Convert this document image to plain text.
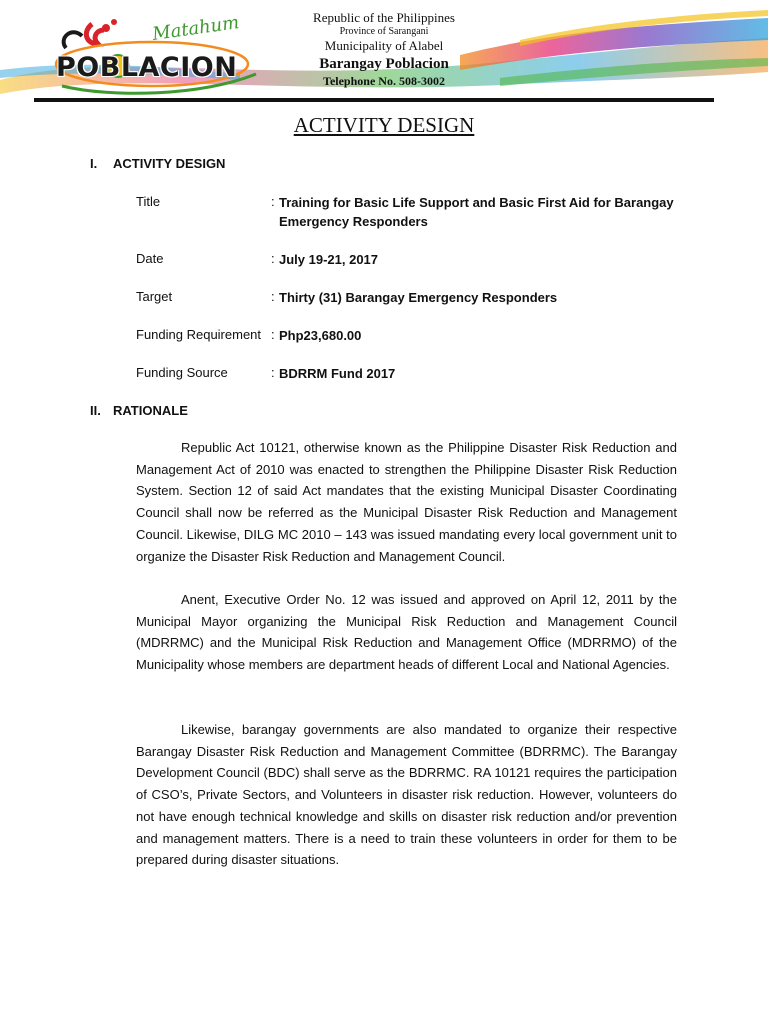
Matahum
POBLACION
Republic of the Philippines
Province of Sarangani
Municipality of Alabel
Barangay Poblacion
Telephone No. 508-3002
ACTIVITY DESIGN
I. ACTIVITY DESIGN
Title	: Training for Basic Life Support and Basic First Aid for Barangay Emergency Responders
Date	: July 19-21, 2017
Target	: Thirty (31) Barangay Emergency Responders
Funding Requirement : Php23,680.00
Funding Source	: BDRRM Fund 2017
II. RATIONALE

Republic Act 10121, otherwise known as the Philippine Disaster Risk Reduction and Management Act of 2010 was enacted to strengthen the Philippine Disaster Risk Reduction System. Section 12 of said Act mandates that the existing Municipal Disaster Coordinating Council shall now be referred as the Municipal Disaster Risk Reduction and Management Council. Likewise, DILG MC 2010 – 143 was issued mandating every local government unit to organize the Disaster Risk Reduction and Management Council.

Anent, Executive Order No. 12 was issued and approved on April 12, 2011 by the Municipal Mayor organizing the Municipal Risk Reduction and Management Council (MDRRMC) and the Municipal Risk Reduction and Management Office (MDRRMO) of the Municipality whose members are department heads of different Local and National Agencies.

Likewise, barangay governments are also mandated to organize their respective Barangay Disaster Risk Reduction and Management Committee (BDRRMC). The Barangay Development Council (BDC) shall serve as the BDRRMC. RA 10121 requires the participation of CSO’s, Private Sectors, and Volunteers in disaster risk reduction. However, volunteers do not have enough technical knowledge and skills on disaster risk reduction and/or prevention and management matters. There is a need to train these volunteers in order for them to be prepared during disaster situations.
